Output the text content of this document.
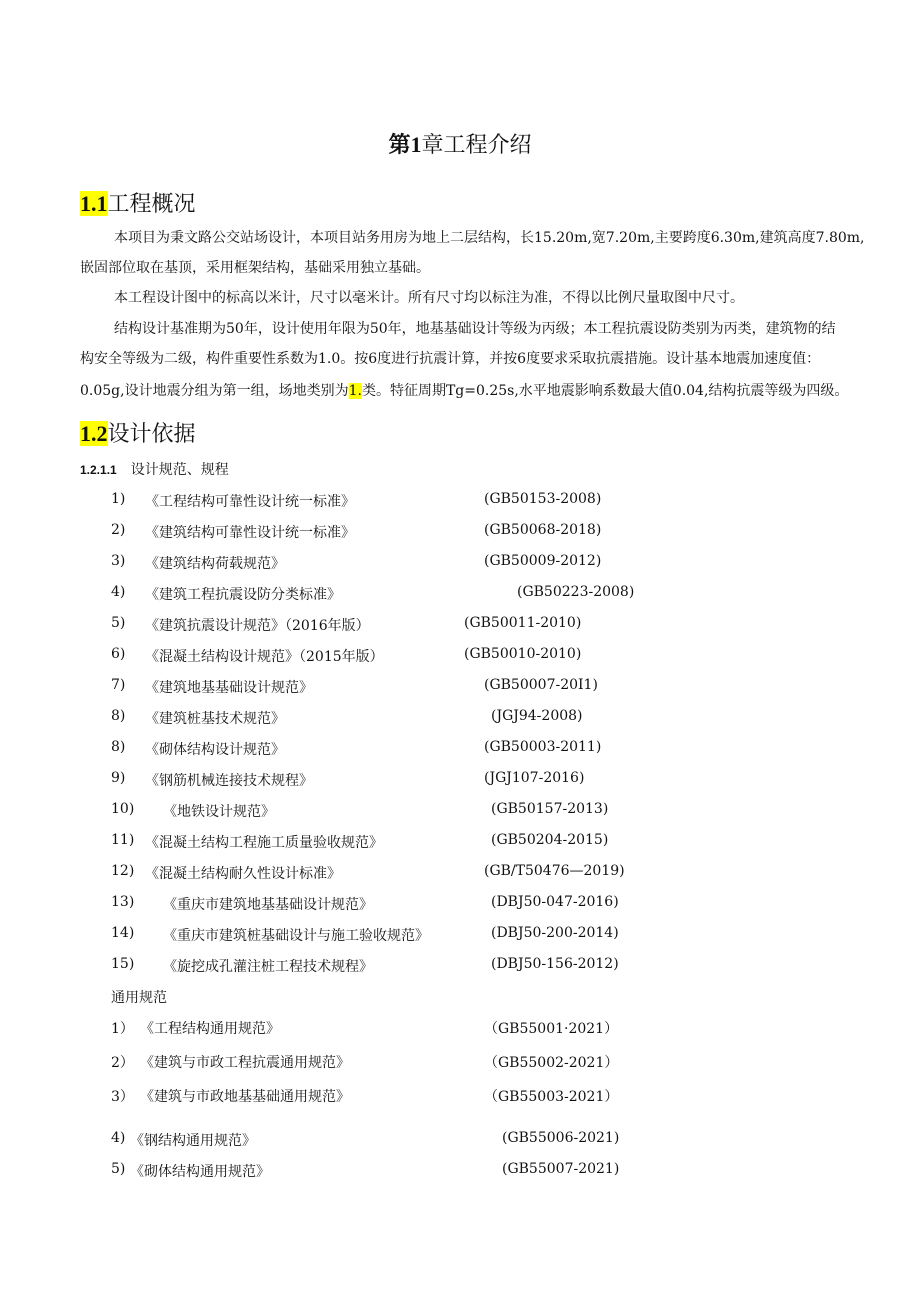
第1章工程介绍
1.1工程概况
本项目为秉文路公交站场设计，本项目站务用房为地上二层结构，长15.20m,宽7.20m,主要跨度6.30m,建筑高度7.80m,
嵌固部位取在基顶，采用框架结构，基础采用独立基础。
本工程设计图中的标高以米计，尺寸以毫米计。所有尺寸均以标注为准，不得以比例尺量取图中尺寸。
结构设计基准期为50年，设计使用年限为50年，地基基础设计等级为丙级；本工程抗震设防类别为丙类，建筑物的结
构安全等级为二级，构件重要性系数为1.0。按6度进行抗震计算，并按6度要求采取抗震措施。设计基本地震加速度值：
0.05g,设计地震分组为第一组，场地类别为1.类。特征周期Tg=0.25s,水平地震影响系数最大值0.04,结构抗震等级为四级。
1.2设计依据
1.2.1.1 设计规范、规程
1) 《工程结构可靠性设计统一标准》	(GB50153-2008)
2) 《建筑结构可靠性设计统一标准》	(GB50068-2018)
3) 《建筑结构荷载规范》	(GB50009-2012)
4) 《建筑工程抗震设防分类标准》	(GB50223-2008)
5) 《建筑抗震设计规范》（2016年版）	(GB50011-2010)
6) 《混凝土结构设计规范》（2015年版）	(GB50010-2010)
7) 《建筑地基基础设计规范》	(GB50007-20I1)
8) 《建筑桩基技术规范》	(JGJ94-2008)
8) 《砌体结构设计规范》	(GB50003-2011)
9) 《钢筋机械连接技术规程》	(JGJ107-2016)
10) 《地铁设计规范》	(GB50157-2013)
11) 《混凝土结构工程施工质量验收规范》	(GB50204-2015)
12) 《混凝土结构耐久性设计标准》	(GB/T50476—2019)
13) 《重庆市建筑地基基础设计规范》	(DBJ50-047-2016)
14) 《重庆市建筑桩基础设计与施工验收规范》	(DBJ50-200-2014)
15) 《旋挖成孔灌注桩工程技术规程》	(DBJ50-156-2012)
通用规范
1） 《工程结构通用规范》	（GB55001·2021）
2） 《建筑与市政工程抗震通用规范》	（GB55002-2021）
3） 《建筑与市政地基基础通用规范》	（GB55003-2021）
4) 《钢结构通用规范》	(GB55006-2021)
5) 《砌体结构通用规范》	(GB55007-2021)
